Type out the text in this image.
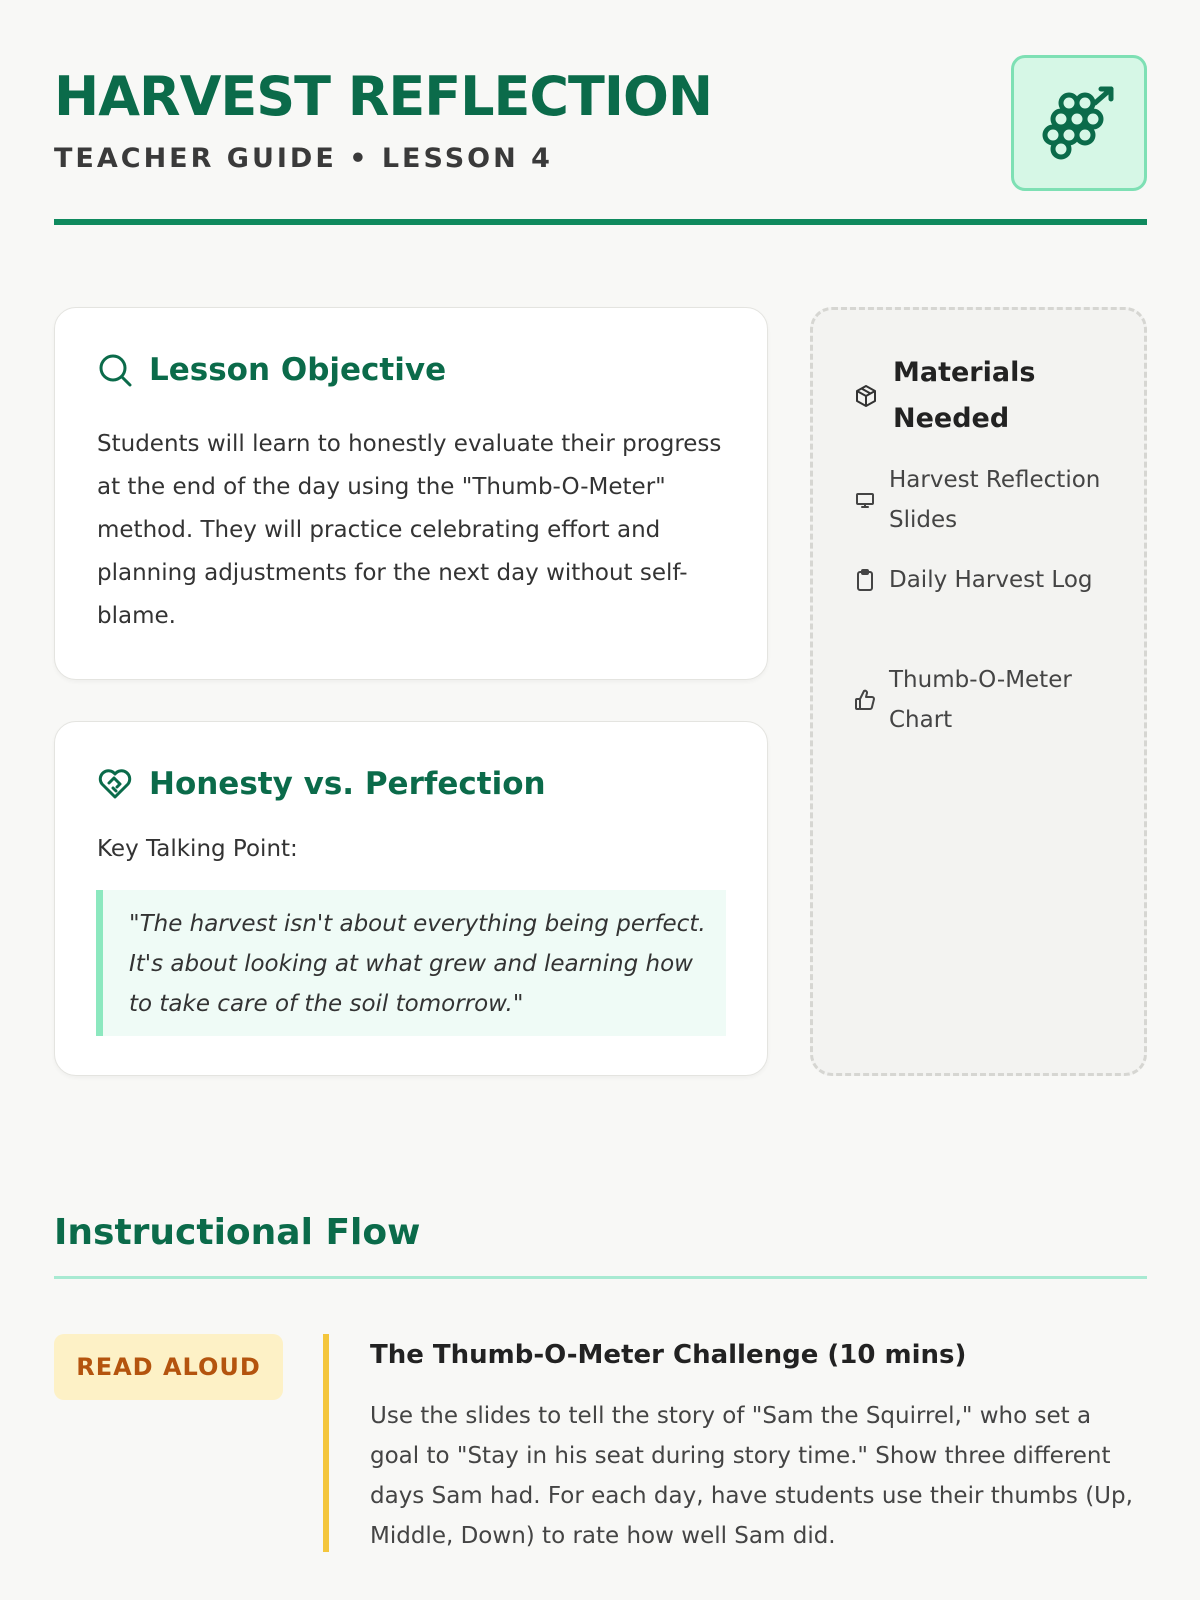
HARVEST REFLECTION
TEACHER GUIDE • LESSON 4
Lesson Objective
Students will learn to honestly evaluate their progress at the end of the day using the "Thumb-O-Meter" method. They will practice celebrating effort and planning adjustments for the next day without self-blame.
Honesty vs. Perfection
Key Talking Point:
"The harvest isn't about everything being perfect. It's about looking at what grew and learning how to take care of the soil tomorrow."
Materials Needed
Harvest Reflection Slides
Daily Harvest Log
Thumb-O-Meter Chart
Instructional Flow
READ ALOUD	The Thumb-O-Meter Challenge (10 mins)
Use the slides to tell the story of "Sam the Squirrel," who set a goal to "Stay in his seat during story time." Show three different days Sam had. For each day, have students use their thumbs (Up, Middle, Down) to rate how well Sam did.
